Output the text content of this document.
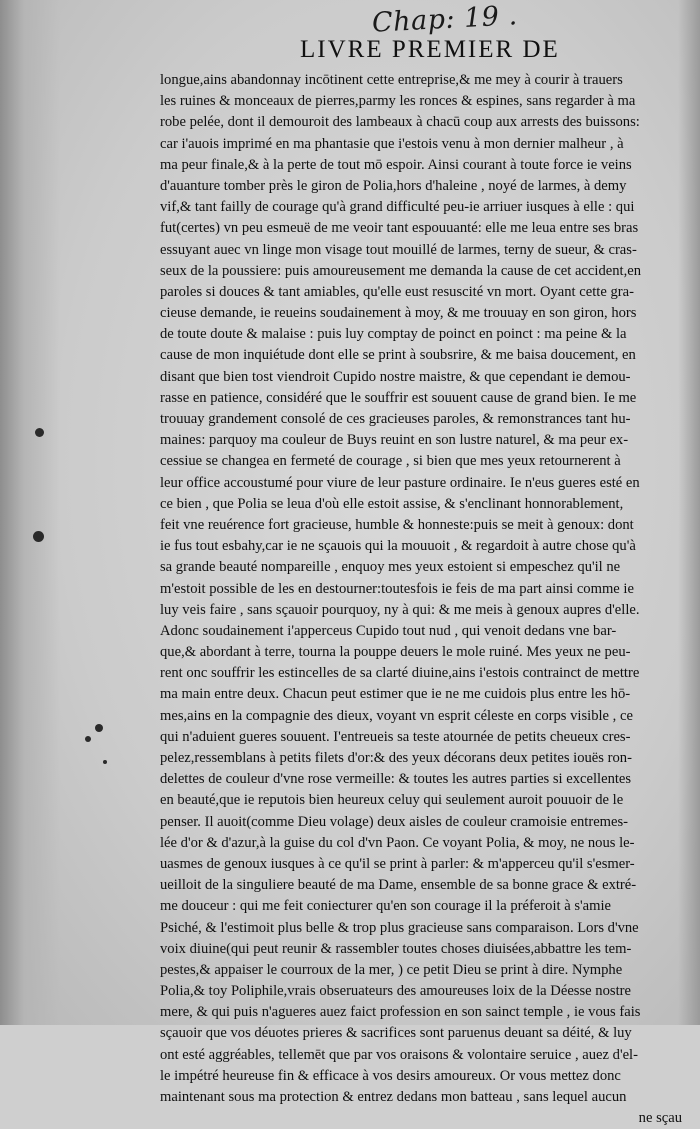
Chap: 19 .
LIVRE PREMIER DE
longue,ains abandonnay incōtinent cette entreprise,& me mey à courir à trauers
les ruines & monceaux de pierres,parmy les ronces & espines, sans regarder à ma
robe pelée, dont il demouroit des lambeaux à chacū coup aux arrests des buissons:
car i'auois imprimé en ma phantasie que i'estois venu à mon dernier malheur , à
ma peur finale,& à la perte de tout mō espoir. Ainsi courant à toute force ie veins
d'auanture tomber près le giron de Polia,hors d'haleine , noyé de larmes, à demy
vif,& tant failly de courage qu'à grand difficulté peu-ie arriuer iusques à elle : qui
fut(certes) vn peu esmeuë de me veoir tant espouuanté: elle me leua entre ses bras
essuyant auec vn linge mon visage tout mouillé de larmes, terny de sueur, & cras-
seux de la poussiere: puis amoureusement me demanda la cause de cet accident,en
paroles si douces & tant amiables, qu'elle eust resuscité vn mort. Oyant cette gra-
cieuse demande, ie reueins soudainement à moy, & me trouuay en son giron, hors
de toute doute & malaise : puis luy comptay de poinct en poinct : ma peine & la
cause de mon inquiétude dont elle se print à soubsrire, & me baisa doucement, en
disant que bien tost viendroit Cupido nostre maistre, & que cependant ie demou-
rasse en patience, considéré que le souffrir est souuent cause de grand bien. Ie me
trouuay grandement consolé de ces gracieuses paroles, & remonstrances tant hu-
maines: parquoy ma couleur de Buys reuint en son lustre naturel, & ma peur ex-
cessiue se changea en fermeté de courage , si bien que mes yeux retournerent à
leur office accoustumé pour viure de leur pasture ordinaire. Ie n'eus gueres esté en
ce bien , que Polia se leua d'où elle estoit assise, & s'enclinant honnorablement,
feit vne reuérence fort gracieuse, humble & honneste:puis se meit à genoux: dont
ie fus tout esbahy,car ie ne sçauois qui la mouuoit , & regardoit à autre chose qu'à
sa grande beauté nompareille , enquoy mes yeux estoient si empeschez qu'il ne
m'estoit possible de les en destourner:toutesfois ie feis de ma part ainsi comme ie
luy veis faire , sans sçauoir pourquoy, ny à qui: & me meis à genoux aupres d'elle.
Adonc soudainement i'apperceus Cupido tout nud , qui venoit dedans vne bar-
que,& abordant à terre, tourna la pouppe deuers le mole ruiné. Mes yeux ne peu-
rent onc souffrir les estincelles de sa clarté diuine,ains i'estois contrainct de mettre
ma main entre deux. Chacun peut estimer que ie ne me cuidois plus entre les hō-
mes,ains en la compagnie des dieux, voyant vn esprit céleste en corps visible , ce
qui n'aduient gueres souuent. I'entreueis sa teste atournée de petits cheueux cres-
pelez,ressemblans à petits filets d'or:& des yeux décorans deux petites iouës ron-
delettes de couleur d'vne rose vermeille: & toutes les autres parties si excellentes
en beauté,que ie reputois bien heureux celuy qui seulement auroit pouuoir de le
penser. Il auoit(comme Dieu volage) deux aisles de couleur cramoisie entremes-
lée d'or & d'azur,à la guise du col d'vn Paon. Ce voyant Polia, & moy, ne nous le-
uasmes de genoux iusques à ce qu'il se print à parler: & m'apperceu qu'il s'esmer-
ueilloit de la singuliere beauté de ma Dame, ensemble de sa bonne grace & extré-
me douceur : qui me feit coniecturer qu'en son courage il la préferoit à s'amie
Psiché, & l'estimoit plus belle & trop plus gracieuse sans comparaison. Lors d'vne
voix diuine(qui peut reunir & rassembler toutes choses diuisées,abbattre les tem-
pestes,& appaiser le courroux de la mer, ) ce petit Dieu se print à dire. Nymphe
Polia,& toy Poliphile,vrais obseruateurs des amoureuses loix de la Déesse nostre
mere, & qui puis n'agueres auez faict profession en son sainct temple , ie vous fais
sçauoir que vos déuotes prieres & sacrifices sont paruenus deuant sa déité, & luy
ont esté aggréables, tellemēt que par vos oraisons & volontaire seruice , auez d'el-
le impétré heureuse fin & efficace à vos desirs amoureux. Or vous mettez donc
maintenant sous ma protection & entrez dedans mon batteau , sans lequel aucun
ne sçau
